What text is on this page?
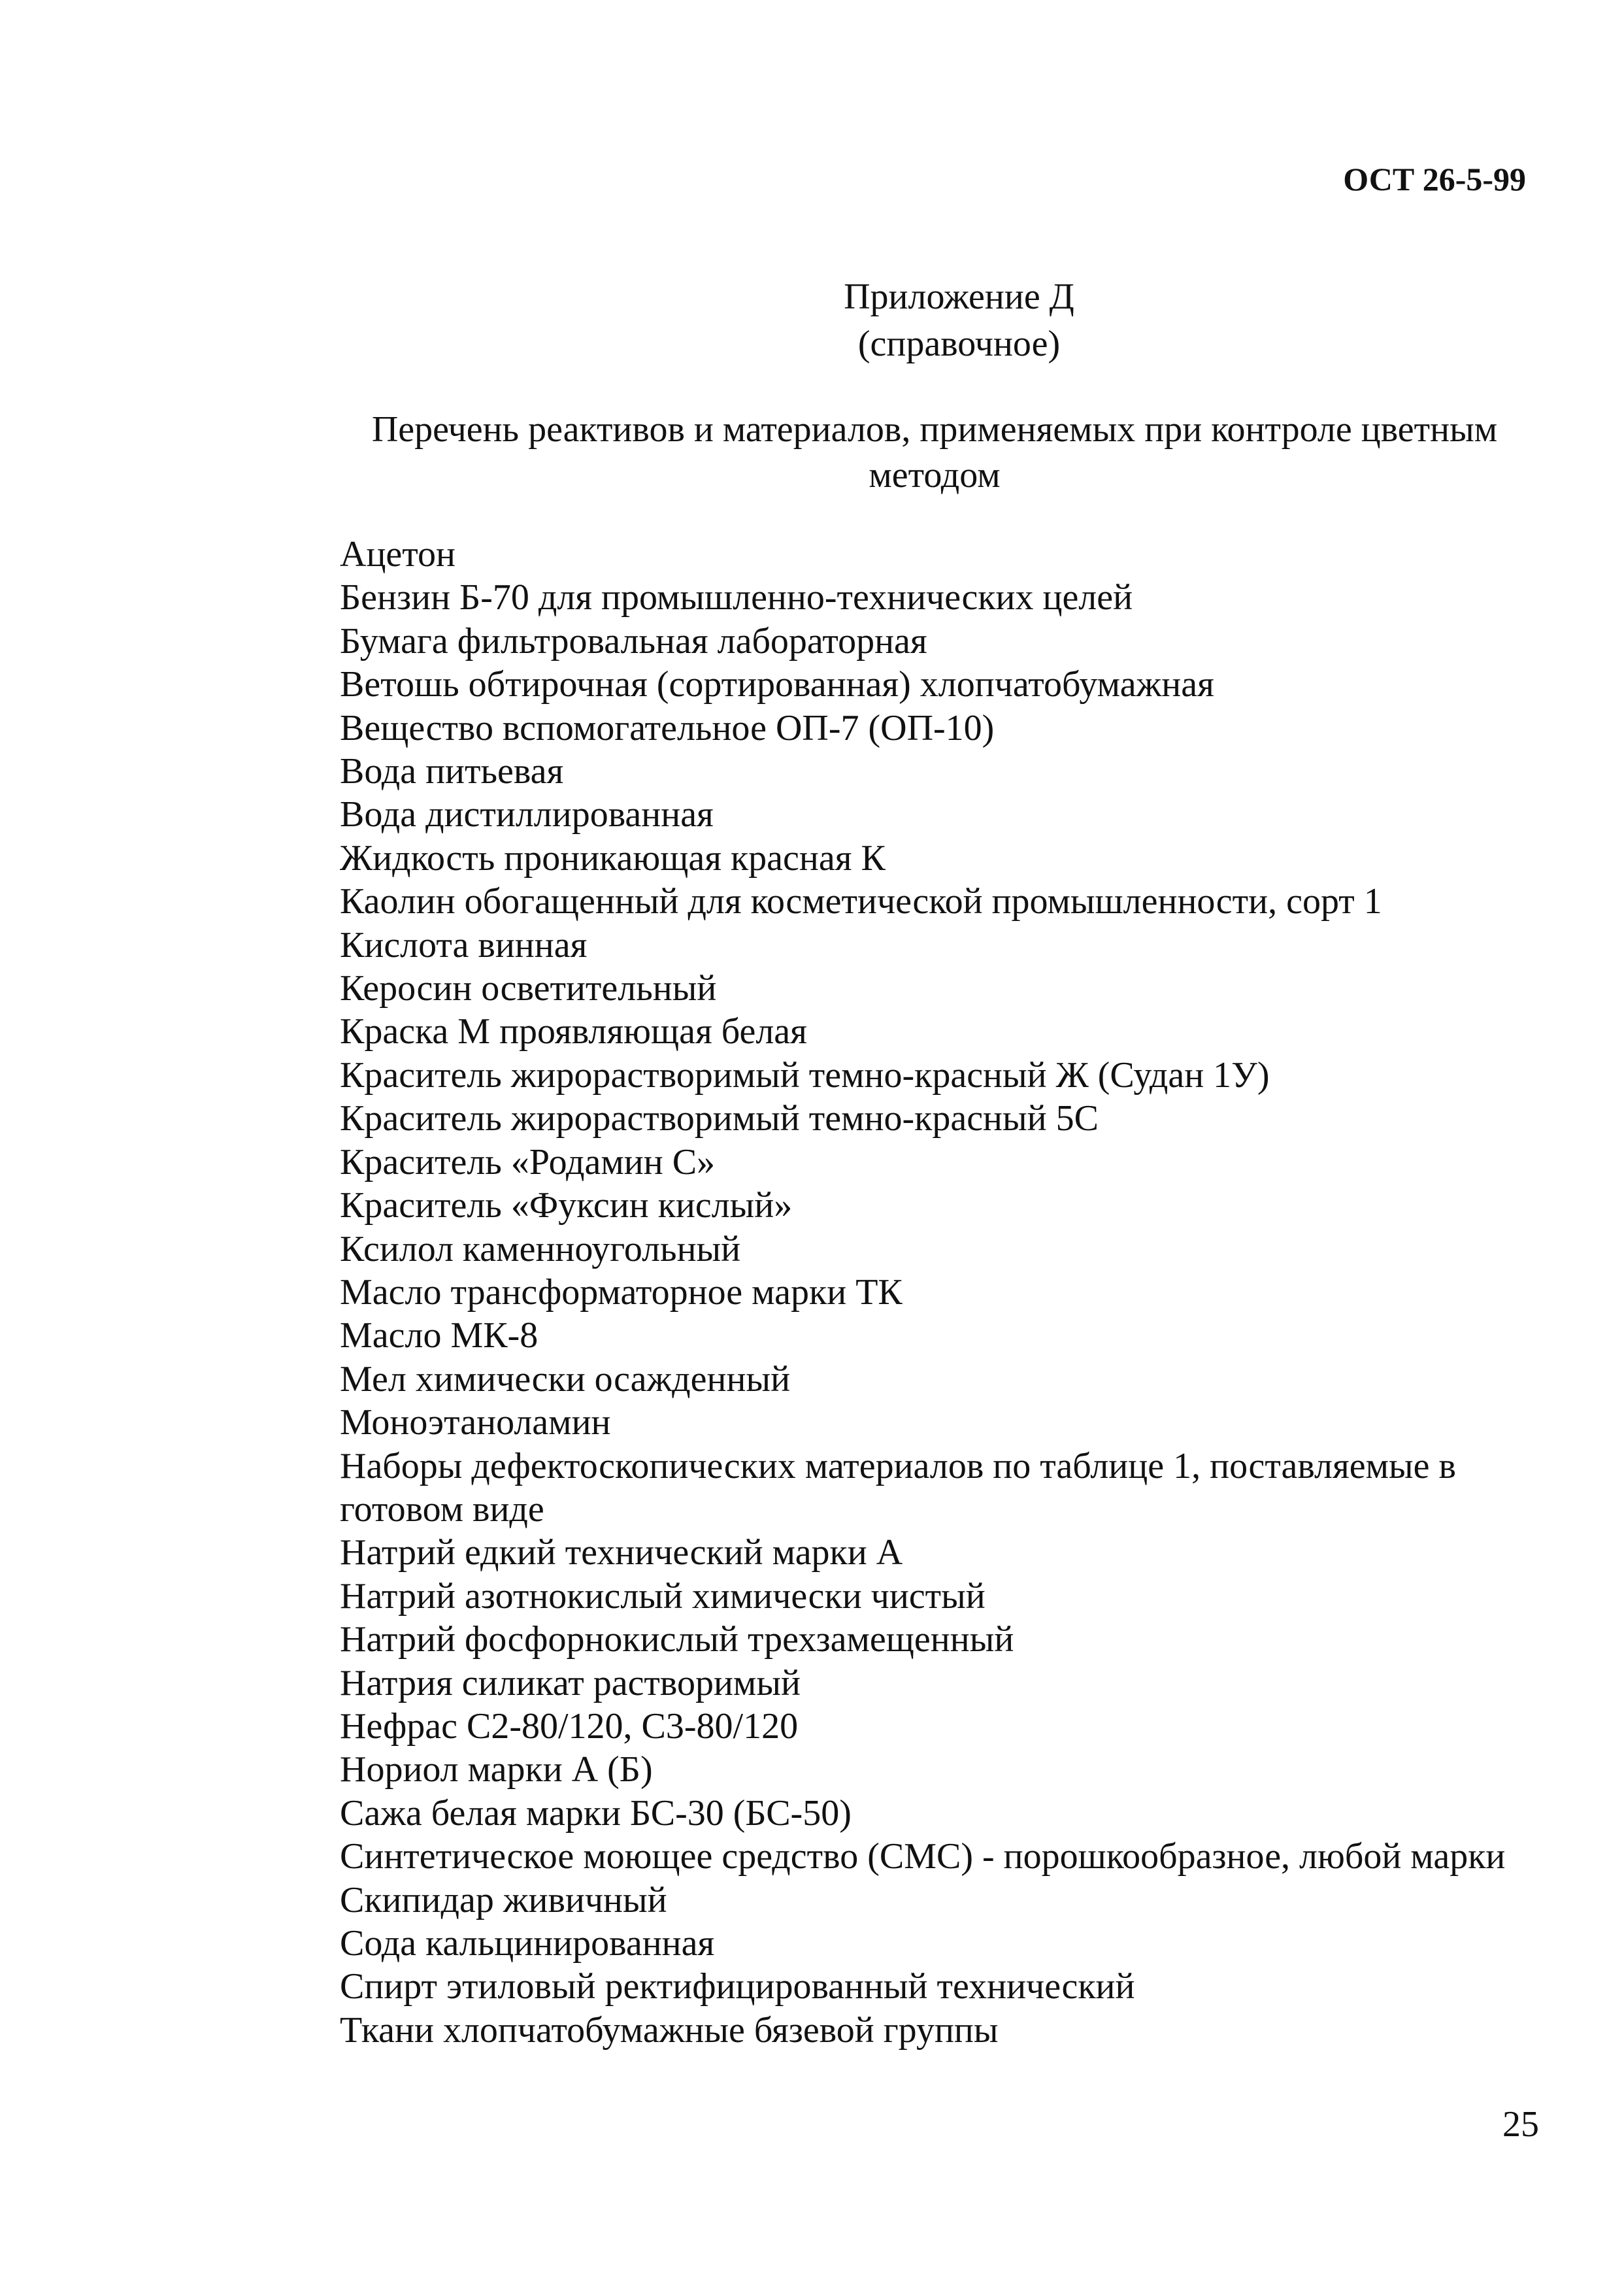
ОСТ 26-5-99

Приложение Д
(справочное)
Перечень реактивов и материалов, применяемых при контроле цветным методом
Ацетон
Бензин Б-70 для промышленно-технических целей
Бумага фильтровальная лабораторная
Ветошь обтирочная (сортированная) хлопчатобумажная
Вещество вспомогательное ОП-7 (ОП-10)
Вода питьевая
Вода дистиллированная
Жидкость проникающая красная К
Каолин обогащенный для косметической промышленности, сорт 1
Кислота винная
Керосин осветительный
Краска М проявляющая белая
Краситель жирорастворимый темно-красный Ж (Судан 1У)
Краситель жирорастворимый темно-красный 5С
Краситель «Родамин С»
Краситель «Фуксин кислый»
Ксилол каменноугольный
Масло трансформаторное марки ТК
Масло МК-8
Мел химически осажденный
Моноэтаноламин
Наборы дефектоскопических материалов по таблице 1, поставляемые в готовом виде
Натрий едкий технический марки А
Натрий азотнокислый химически чистый
Натрий фосфорнокислый трехзамещенный
Натрия силикат растворимый
Нефрас С2-80/120, С3-80/120
Нориол марки А (Б)
Сажа белая марки БС-30 (БС-50)
Синтетическое моющее средство (СМС) - порошкообразное, любой марки
Скипидар живичный
Сода кальцинированная
Спирт этиловый ректифицированный технический
Ткани хлопчатобумажные бязевой группы

25
